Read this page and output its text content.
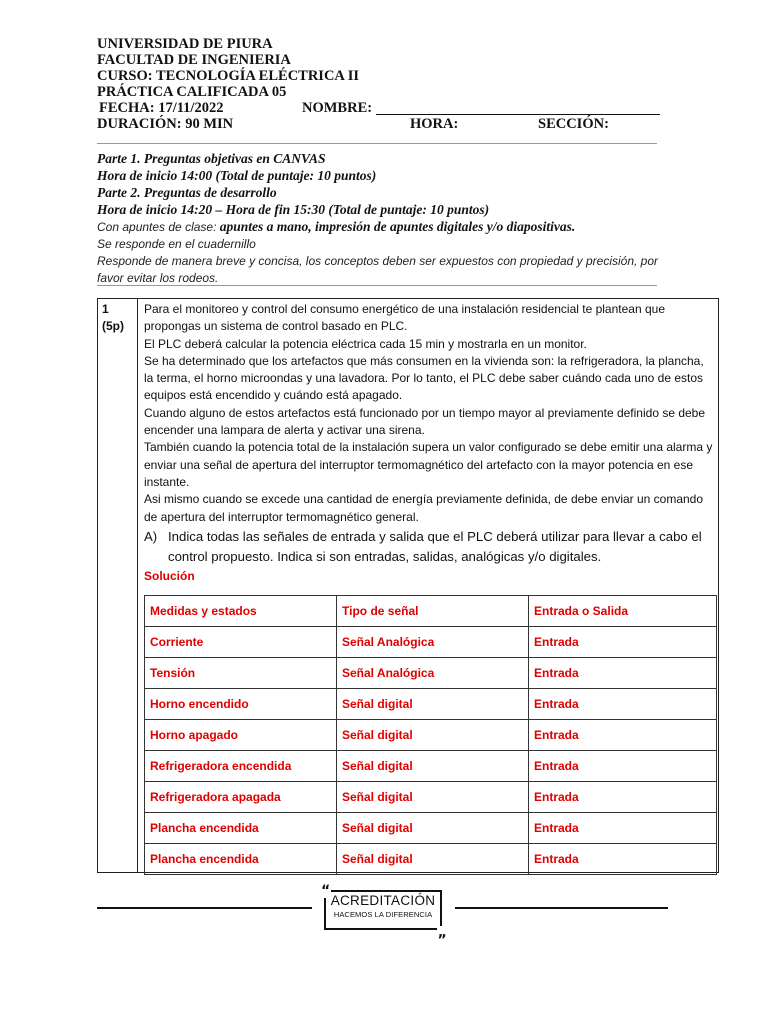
UNIVERSIDAD DE PIURA
FACULTAD DE INGENIERIA
CURSO: TECNOLOGÍA ELÉCTRICA II
PRÁCTICA CALIFICADA 05
FECHA: 17/11/2022	NOMBRE:
DURACIÓN: 90 MIN	HORA:	SECCIÓN:
Parte 1. Preguntas objetivas en CANVAS
Hora de inicio 14:00 (Total de puntaje: 10 puntos)
Parte 2. Preguntas de desarrollo
Hora de inicio 14:20 – Hora de fin 15:30 (Total de puntaje: 10 puntos)
Con apuntes de clase: apuntes a mano, impresión de apuntes digitales y/o diapositivas.
Se responde en el cuadernillo
Responde de manera breve y concisa, los conceptos deben ser expuestos con propiedad y precisión, por favor evitar los rodeos.
1
(5p)

Para el monitoreo y control del consumo energético de una instalación residencial te plantean que propongas un sistema de control basado en PLC.

El PLC deberá calcular la potencia eléctrica cada 15 min y mostrarla en un monitor.

Se ha determinado que los artefactos que más consumen en la vivienda son: la refrigeradora, la plancha, la terma, el horno microondas y una lavadora. Por lo tanto, el PLC debe saber cuándo cada uno de estos equipos está encendido y cuándo está apagado.

Cuando alguno de estos artefactos está funcionado por un tiempo mayor al previamente definido se debe encender una lampara de alerta y activar una sirena.

También cuando la potencia total de la instalación supera un valor configurado se debe emitir una alarma y enviar una señal de apertura del interruptor termomagnético del artefacto con la mayor potencia en ese instante.

Asi mismo cuando se excede una cantidad de energía previamente definida, de debe enviar un comando de apertura del interruptor termomagnético general.

A) Indica todas las señales de entrada y salida que el PLC deberá utilizar para llevar a cabo el control propuesto. Indica si son entradas, salidas, analógicas y/o digitales.
Solución
Medidas y estados	Tipo de señal	Entrada o Salida
Corriente	Señal Analógica	Entrada
Tensión	Señal Analógica	Entrada
Horno encendido	Señal digital	Entrada
Horno apagado	Señal digital	Entrada
Refrigeradora encendida	Señal digital	Entrada
Refrigeradora apagada	Señal digital	Entrada
Plancha encendida	Señal digital	Entrada
Plancha encendida	Señal digital	Entrada
“
„
ACREDITACIÓN
HACEMOS LA DIFERENCIA
